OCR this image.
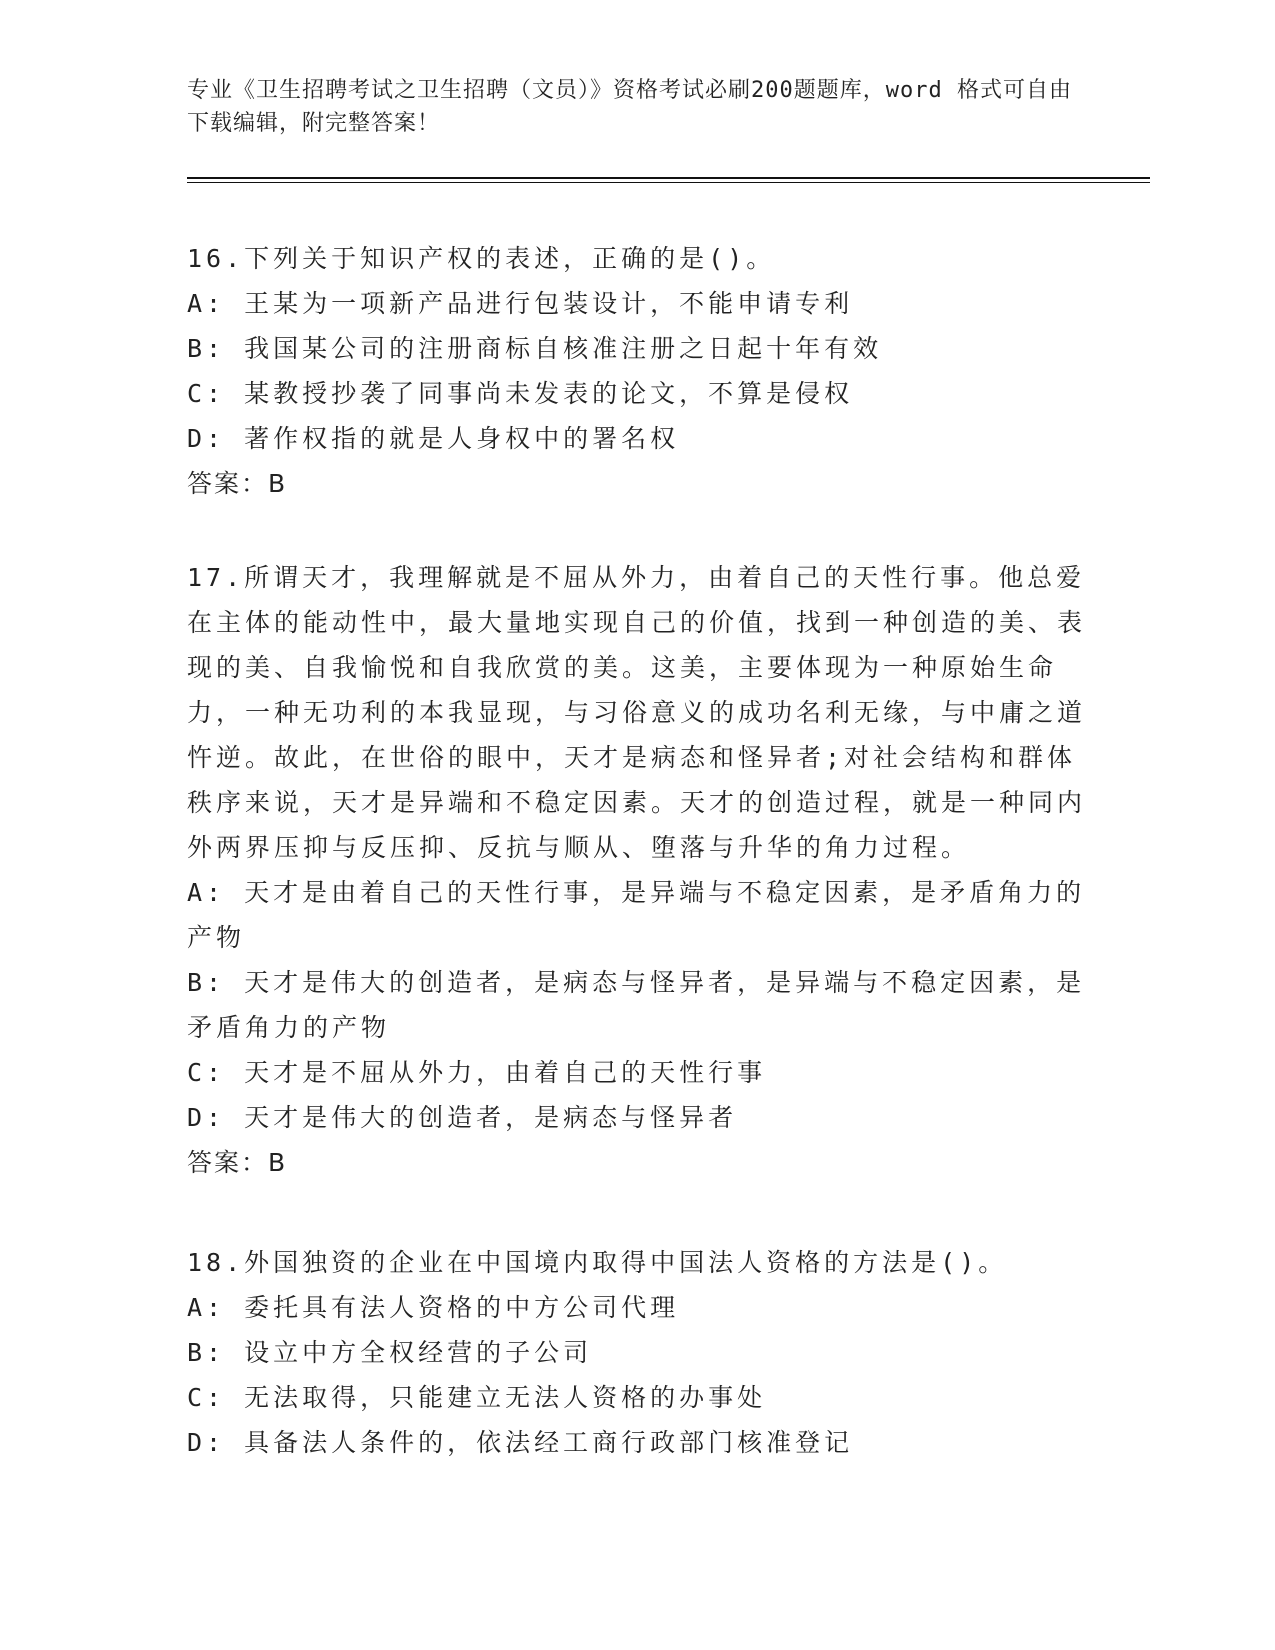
专业《卫生招聘考试之卫生招聘（文员）》资格考试必刷200题题库，word 格式可自由下载编辑，附完整答案！
16.下列关于知识产权的表述，正确的是()。
A: 王某为一项新产品进行包装设计，不能申请专利
B: 我国某公司的注册商标自核准注册之日起十年有效
C: 某教授抄袭了同事尚未发表的论文，不算是侵权
D: 著作权指的就是人身权中的署名权
答案：B
17.所谓天才，我理解就是不屈从外力，由着自己的天性行事。他总爱在主体的能动性中，最大量地实现自己的价值，找到一种创造的美、表现的美、自我愉悦和自我欣赏的美。这美，主要体现为一种原始生命力，一种无功利的本我显现，与习俗意义的成功名利无缘，与中庸之道忤逆。故此，在世俗的眼中，天才是病态和怪异者;对社会结构和群体秩序来说，天才是异端和不稳定因素。天才的创造过程，就是一种同内外两界压抑与反压抑、反抗与顺从、堕落与升华的角力过程。
A: 天才是由着自己的天性行事，是异端与不稳定因素，是矛盾角力的产物
B: 天才是伟大的创造者，是病态与怪异者，是异端与不稳定因素，是矛盾角力的产物
C: 天才是不屈从外力，由着自己的天性行事
D: 天才是伟大的创造者，是病态与怪异者
答案：B
18.外国独资的企业在中国境内取得中国法人资格的方法是()。
A: 委托具有法人资格的中方公司代理
B: 设立中方全权经营的子公司
C: 无法取得，只能建立无法人资格的办事处
D: 具备法人条件的，依法经工商行政部门核准登记
